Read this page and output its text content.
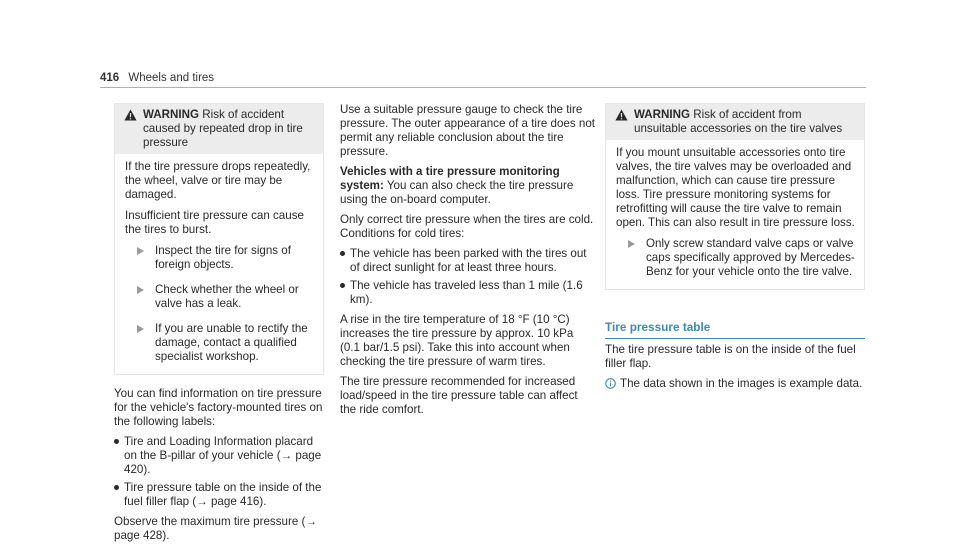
416 Wheels and tires
WARNING Risk of accident caused by repeated drop in tire pressure

If the tire pressure drops repeatedly, the wheel, valve or tire may be damaged.

Insufficient tire pressure can cause the tires to burst.

Inspect the tire for signs of foreign objects.
Check whether the wheel or valve has a leak.
If you are unable to rectify the damage, contact a qualified specialist workshop.

You can find information on tire pressure for the vehicle's factory-mounted tires on the following labels:

Tire and Loading Information placard on the B-pillar of your vehicle (→ page 420).
Tire pressure table on the inside of the fuel filler flap (→ page 416).

Observe the maximum tire pressure (→ page 428).

Use a suitable pressure gauge to check the tire pressure. The outer appearance of a tire does not permit any reliable conclusion about the tire pressure.

Vehicles with a tire pressure monitoring system: You can also check the tire pressure using the on-board computer.

Only correct tire pressure when the tires are cold. Conditions for cold tires:

The vehicle has been parked with the tires out of direct sunlight for at least three hours.
The vehicle has traveled less than 1 mile (1.6 km).

A rise in the tire temperature of 18 °F (10 °C) increases the tire pressure by approx. 10 kPa (0.1 bar/1.5 psi). Take this into account when checking the tire pressure of warm tires.

The tire pressure recommended for increased load/speed in the tire pressure table can affect the ride comfort.

WARNING Risk of accident from unsuitable accessories on the tire valves

If you mount unsuitable accessories onto tire valves, the tire valves may be overloaded and malfunction, which can cause tire pressure loss. Tire pressure monitoring systems for retrofitting will cause the tire valve to remain open. This can also result in tire pressure loss.

Only screw standard valve caps or valve caps specifically approved by Mercedes-Benz for your vehicle onto the tire valve.
Tire pressure table

The tire pressure table is on the inside of the fuel filler flap.

The data shown in the images is example data.
